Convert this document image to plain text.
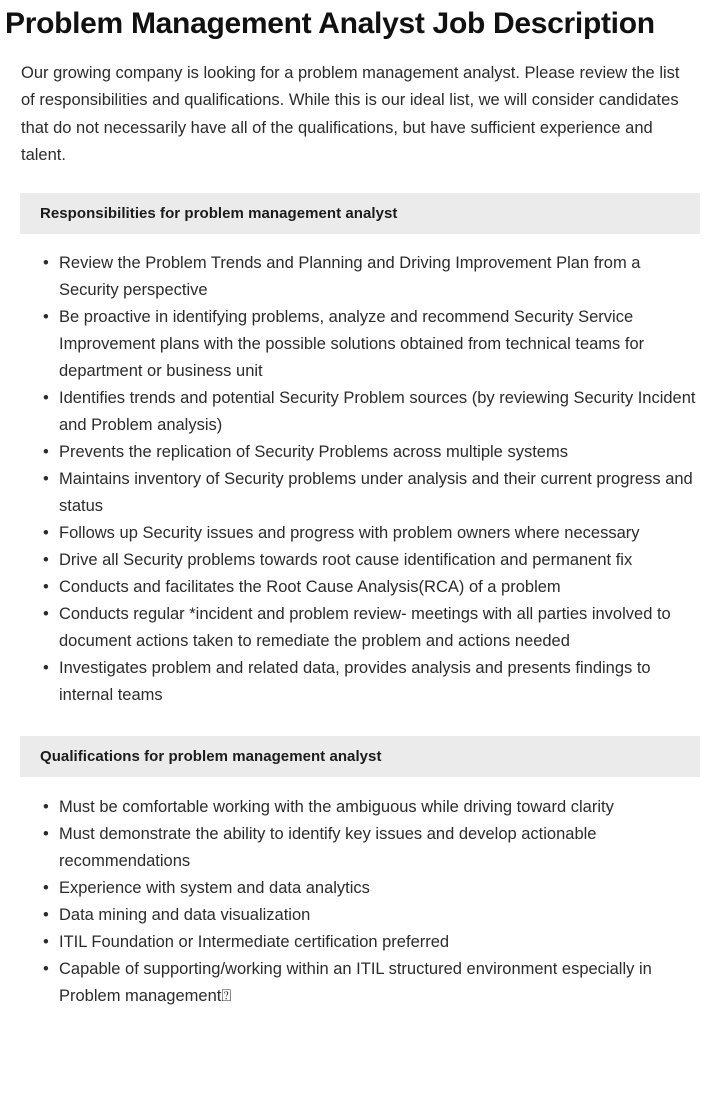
Problem Management Analyst Job Description

Our growing company is looking for a problem management analyst. Please review the list of responsibilities and qualifications. While this is our ideal list, we will consider candidates that do not necessarily have all of the qualifications, but have sufficient experience and talent.

Responsibilities for problem management analyst
• Review the Problem Trends and Planning and Driving Improvement Plan from a Security perspective
• Be proactive in identifying problems, analyze and recommend Security Service Improvement plans with the possible solutions obtained from technical teams for department or business unit
• Identifies trends and potential Security Problem sources (by reviewing Security Incident and Problem analysis)
• Prevents the replication of Security Problems across multiple systems
• Maintains inventory of Security problems under analysis and their current progress and status
• Follows up Security issues and progress with problem owners where necessary
• Drive all Security problems towards root cause identification and permanent fix
• Conducts and facilitates the Root Cause Analysis(RCA) of a problem
• Conducts regular *incident and problem review- meetings with all parties involved to document actions taken to remediate the problem and actions needed
• Investigates problem and related data, provides analysis and presents findings to internal teams
Qualifications for problem management analyst
• Must be comfortable working with the ambiguous while driving toward clarity
• Must demonstrate the ability to identify key issues and develop actionable recommendations
• Experience with system and data analytics
• Data mining and data visualization
• ITIL Foundation or Intermediate certification preferred
• Capable of supporting/working within an ITIL structured environment especially in Problem management⍰
